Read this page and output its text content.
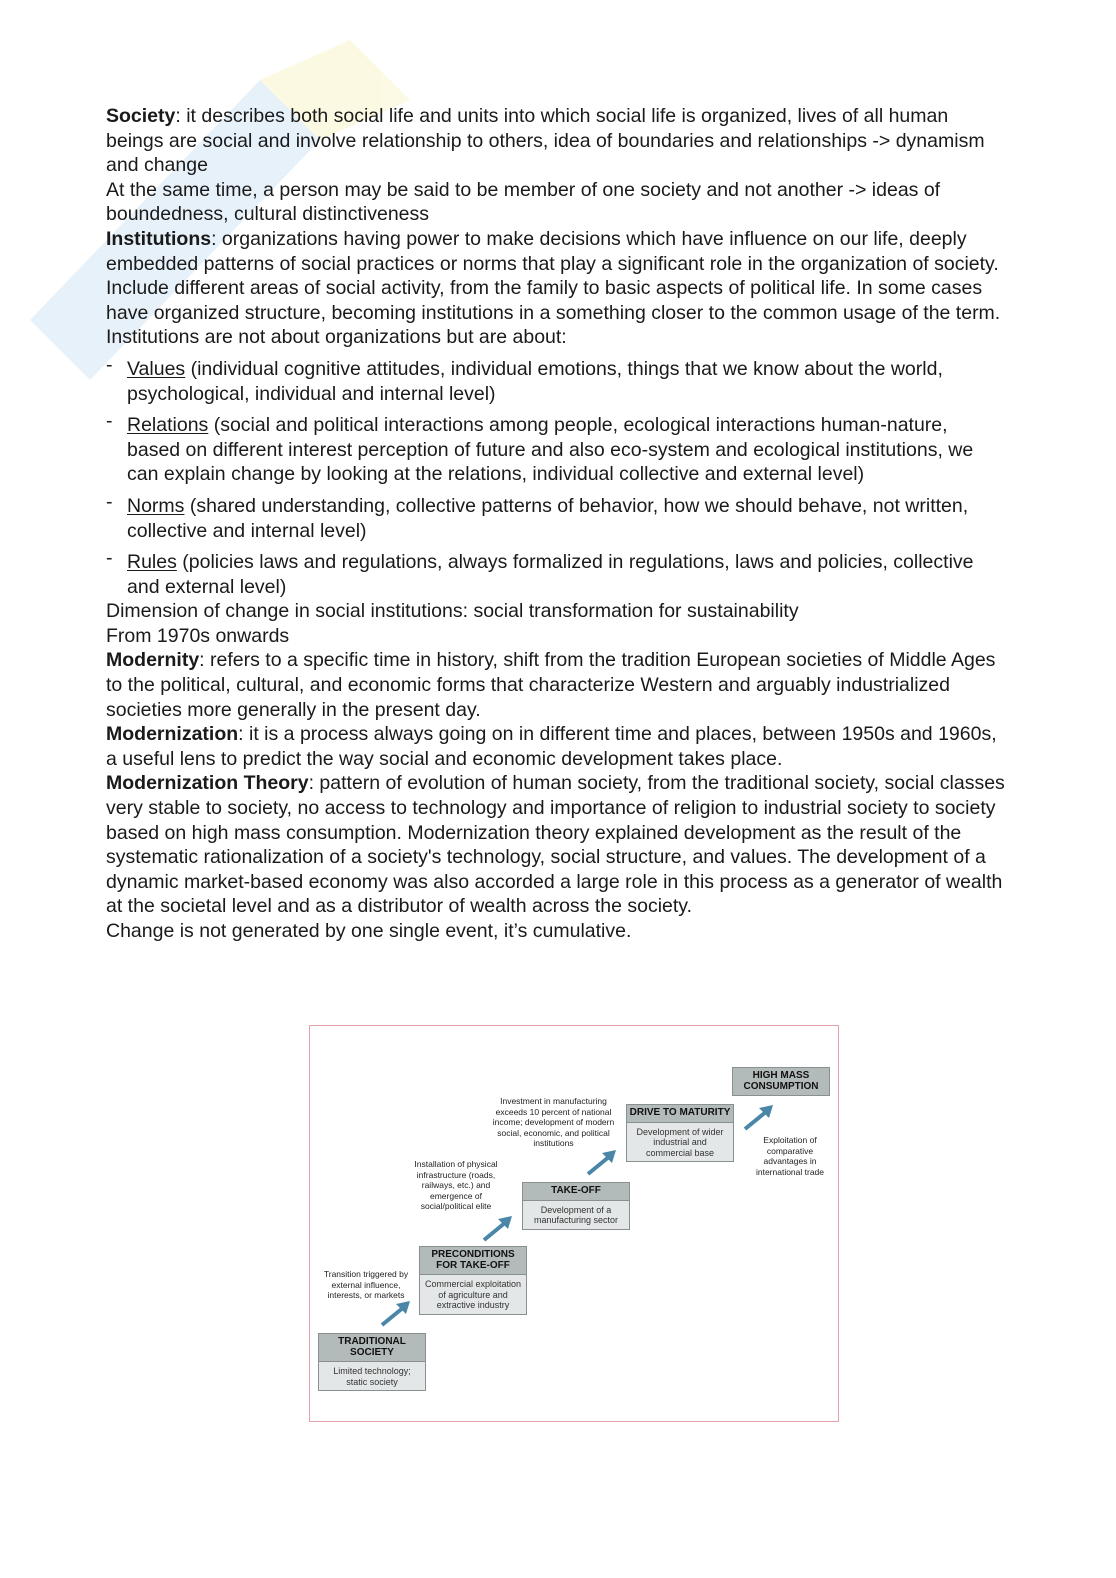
Society: it describes both social life and units into which social life is organized, lives of all human beings are social and involve relationship to others, idea of boundaries and relationships -> dynamism and change

At the same time, a person may be said to be member of one society and not another -> ideas of boundedness, cultural distinctiveness

Institutions: organizations having power to make decisions which have influence on our life, deeply embedded patterns of social practices or norms that play a significant role in the organization of society. Include different areas of social activity, from the family to basic aspects of political life. In some cases have organized structure, becoming institutions in a something closer to the common usage of the term.

Institutions are not about organizations but are about:

- Values (individual cognitive attitudes, individual emotions, things that we know about the world, psychological, individual and internal level)
- Relations (social and political interactions among people, ecological interactions human-nature, based on different interest perception of future and also eco-system and ecological institutions, we can explain change by looking at the relations, individual collective and external level)
- Norms (shared understanding, collective patterns of behavior, how we should behave, not written, collective and internal level)
- Rules (policies laws and regulations, always formalized in regulations, laws and policies, collective and external level)

Dimension of change in social institutions: social transformation for sustainability

From 1970s onwards

Modernity: refers to a specific time in history, shift from the tradition European societies of Middle Ages to the political, cultural, and economic forms that characterize Western and arguably industrialized societies more generally in the present day.

Modernization: it is a process always going on in different time and places, between 1950s and 1960s, a useful lens to predict the way social and economic development takes place.

Modernization Theory: pattern of evolution of human society, from the traditional society, social classes very stable to society, no access to technology and importance of religion to industrial society to society based on high mass consumption. Modernization theory explained development as the result of the systematic rationalization of a society's technology, social structure, and values. The development of a dynamic market-based economy was also accorded a large role in this process as a generator of wealth at the societal level and as a distributor of wealth across the society.

Change is not generated by one single event, it’s cumulative.

TRADITIONAL SOCIETY
Limited technology; static society
PRECONDITIONS FOR TAKE-OFF
Commercial exploitation of agriculture and extractive industry
TAKE-OFF
Development of a manufacturing sector
DRIVE TO MATURITY
Development of wider industrial and commercial base
HIGH MASS CONSUMPTION
Transition triggered by external influence, interests, or markets
Installation of physical infrastructure (roads, railways, etc.) and emergence of social/political elite
Investment in manufacturing exceeds 10 percent of national income; development of modern social, economic, and political institutions	Exploitation of comparative advantages in international trade
